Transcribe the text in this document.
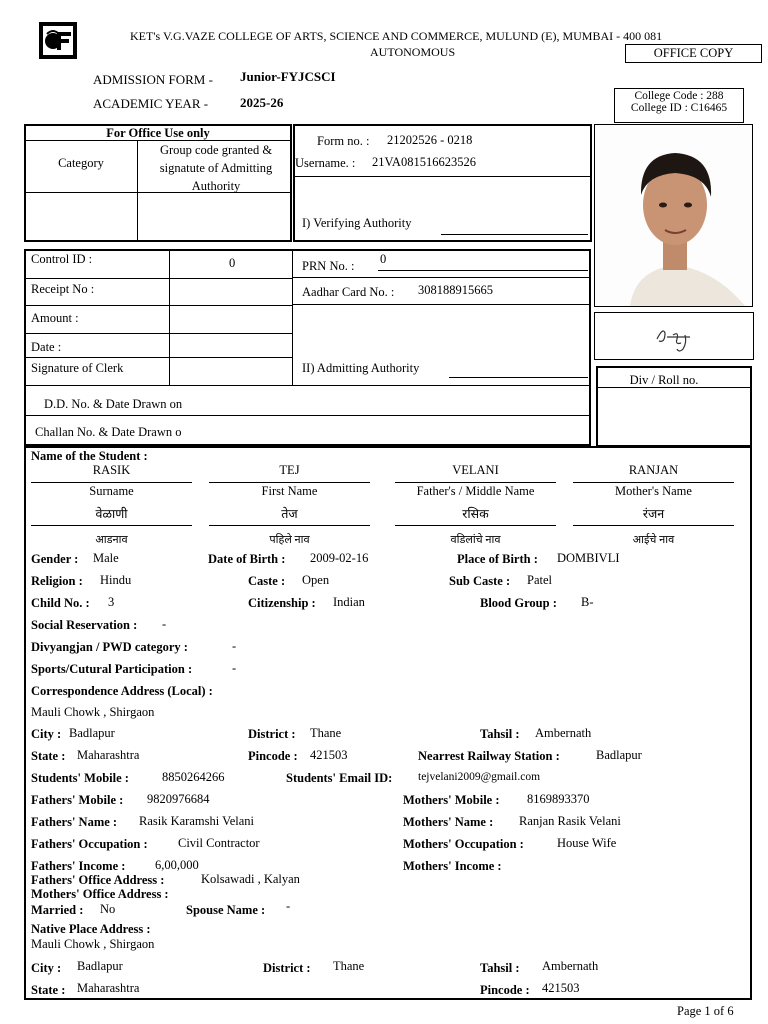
KET's V.G.VAZE COLLEGE OF ARTS, SCIENCE AND COMMERCE, MULUND (E), MUMBAI - 400 081
AUTONOMOUS	OFFICE COPY
ADMISSION FORM - Junior-FYJCSCI
ACADEMIC YEAR - 2025-26	College Code : 288
College ID : C16465
For Office Use only
Category
Group code granted & signatute of Admitting Authority
Form no. : 21202526 - 0218
Username. : 21VA081516623526
I) Verifying Authority
Control ID :	0	PRN No. : 0
Receipt No :	Aadhar Card No. : 308188915665
Amount :
Date :
Signature of Clerk	II) Admitting Authority
D.D. No. & Date Drawn on
Challan No. & Date Drawn o
Div / Roll no.
Name of the Student :
RASIK	TEJ	VELANI	RANJAN
Surname	First Name	Father's / Middle Name	Mother's Name
वेळाणी	तेज	रसिक	रंजन
आडनाव	पहिले नाव	वडिलांचे नाव	आईचे नाव
Gender : Male	Date of Birth : 2009-02-16	Place of Birth : DOMBIVLI
Religion : Hindu	Caste : Open	Sub Caste : Patel
Child No. : 3	Citizenship : Indian	Blood Group : B-
Social Reservation : -
Divyangjan / PWD category :	-
Sports/Cutural Participation :	-
Correspondence Address (Local) :
Mauli Chowk , Shirgaon
City : Badlapur	District : Thane	Tahsil : Ambernath
State : Maharashtra	Pincode : 421503	Nearrest Railway Station :	Badlapur
Students' Mobile :	8850264266	Students' Email ID: tejvelani2009@gmail.com
Fathers' Mobile : 9820976684	Mothers' Mobile : 8169893370
Fathers' Name : Rasik Karamshi Velani	Mothers' Name : Ranjan Rasik Velani
Fathers' Occupation : Civil Contractor	Mothers' Occupation :	House Wife
Fathers' Income : 6,00,000	Mothers' Income :
Fathers' Office Address :	Kolsawadi , Kalyan
Mothers' Office Address :
Married : No	Spouse Name : -
Native Place Address :
Mauli Chowk , Shirgaon
City : Badlapur	District : Thane	Tahsil : Ambernath
State : Maharashtra	Pincode : 421503
Page 1 of 6
